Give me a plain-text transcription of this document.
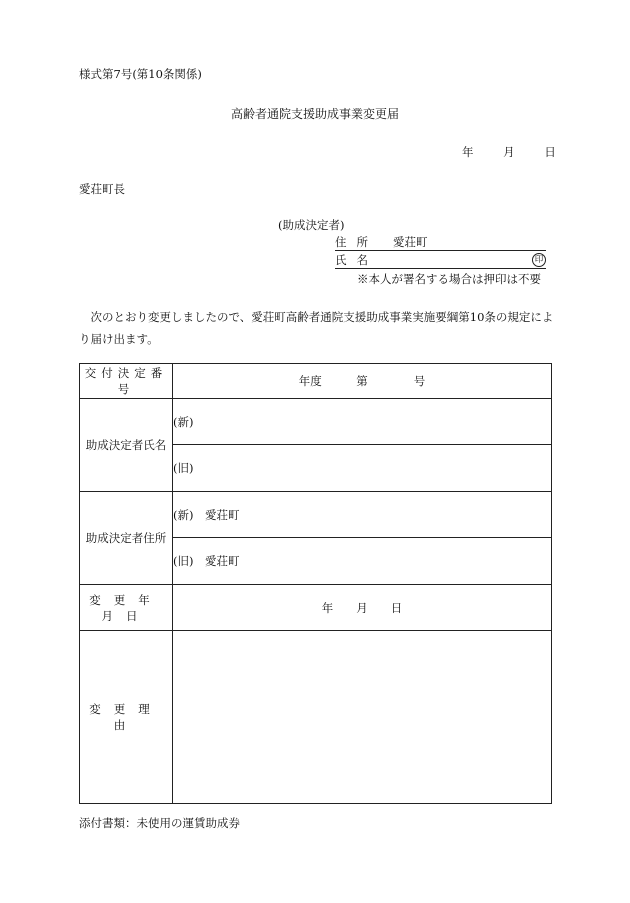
様式第7号(第10条関係)
高齢者通院支援助成事業変更届
年	月	日
愛荘町長
(助成決定者)
住所 愛荘町
氏名	印
※本人が署名する場合は押印は不要
次のとおり変更しましたので、愛荘町高齢者通院支援助成事業実施要綱第10条の規定により届け出ます。
交付決定番号	年度　　　第　　　　号
助成決定者氏名	(新)
	(旧)
助成決定者住所	(新)　愛荘町
	(旧)　愛荘町
変更年月日	年　　月　　日
変更理由	
添付書類：未使用の運賃助成券
